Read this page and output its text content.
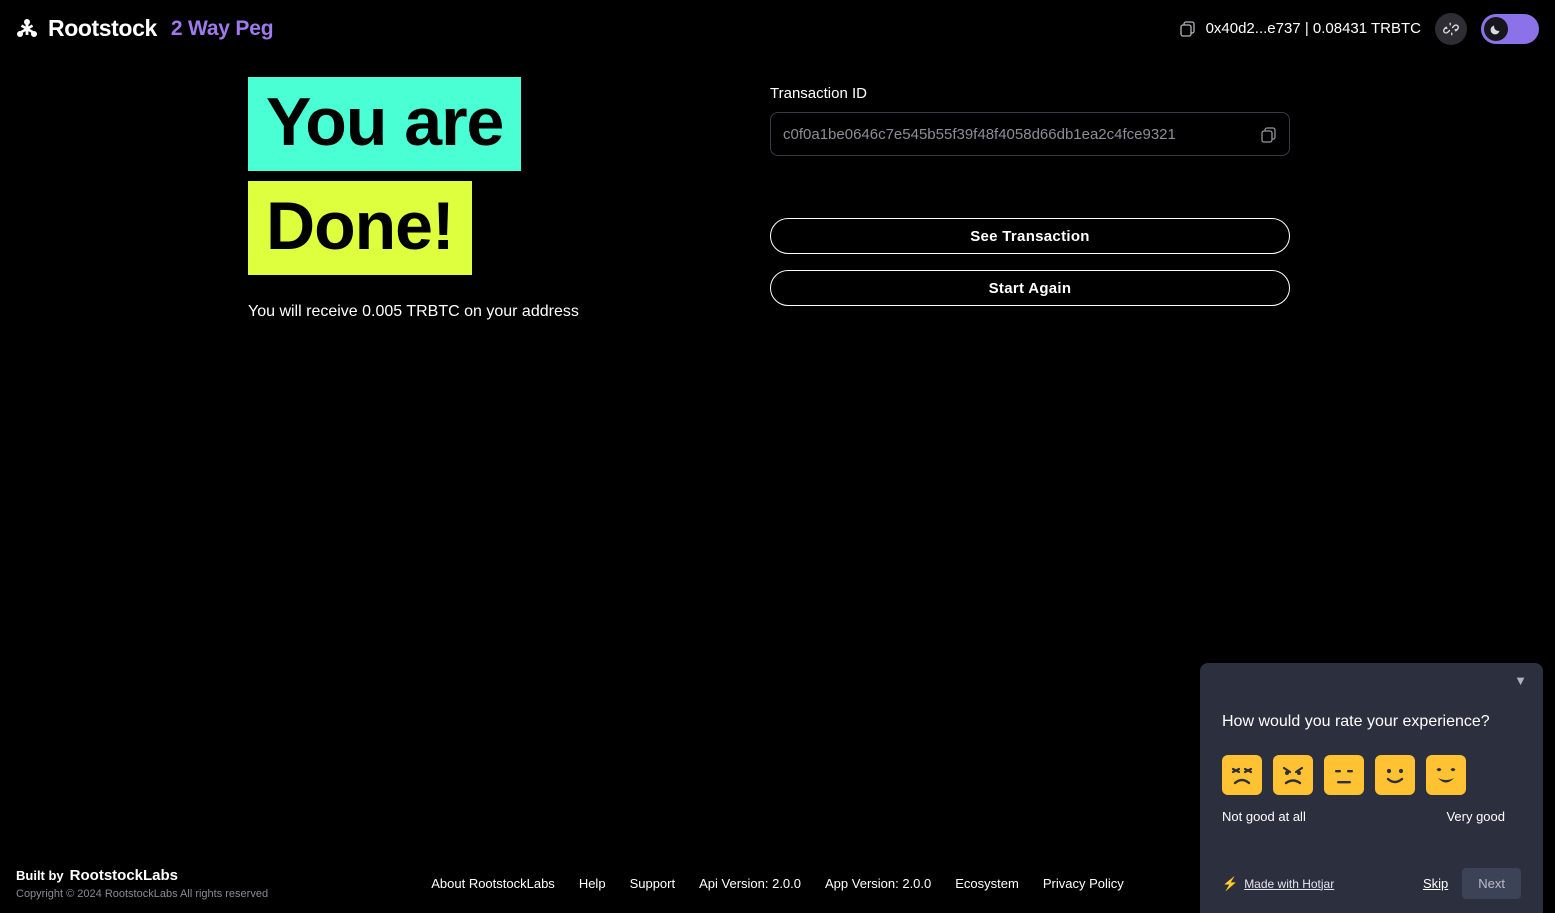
Rootstock 2 Way Peg	0x40d2...e737 | 0.08431 TRBTC
You are
Done!
You will receive 0.005 TRBTC on your address
Transaction ID
c0f0a1be0646c7e545b55f39f48f4058d66db1ea2c4fce9321
See Transaction
Start Again
Built by RootstockLabs
Copyright © 2024 RootstockLabs All rights reserved
About RootstockLabs Help Support Api Version: 2.0.0 App Version: 2.0.0 Ecosystem Privacy Policy
▼
How would you rate your experience?
Not good at all	Very good
⚡ Made with Hotjar	Skip	Next
